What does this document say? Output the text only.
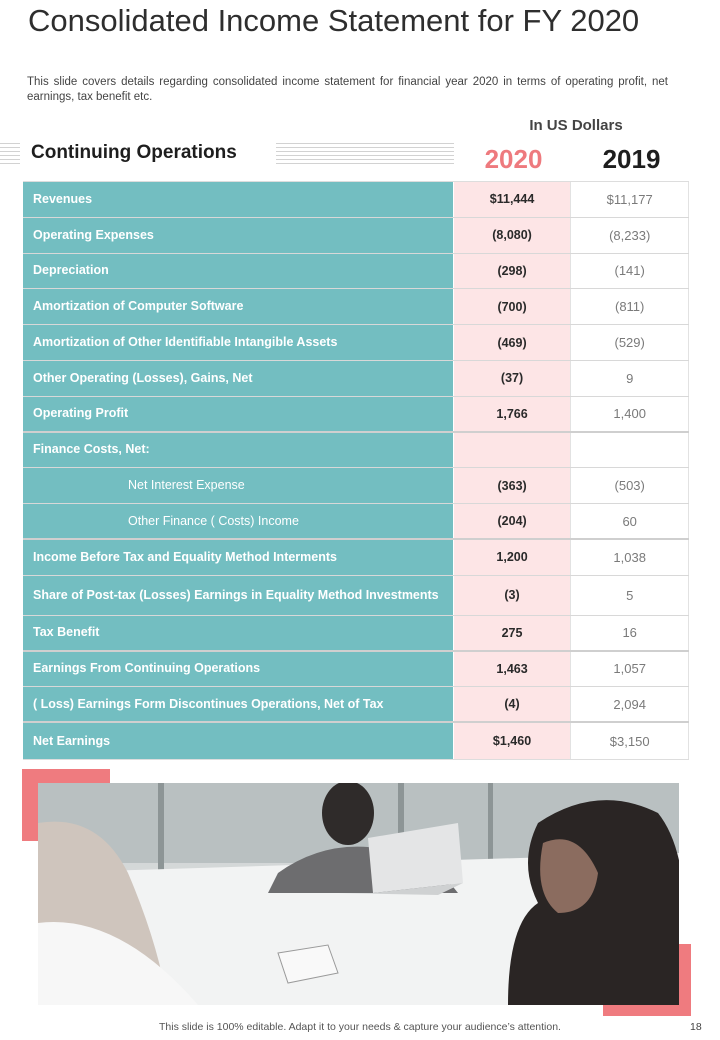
Consolidated Income Statement for FY 2020
This slide covers details regarding consolidated income statement for financial year 2020 in terms of operating profit, net earnings, tax benefit etc.
In US Dollars
Continuing Operations	2020	2019
Revenues	$11,444	$11,177
Operating Expenses	(8,080)	(8,233)
Depreciation	(298)	(141)
Amortization of Computer Software	(700)	(811)
Amortization of Other Identifiable Intangible Assets	(469)	(529)
Other Operating (Losses), Gains, Net	(37)	9
Operating Profit	1,766	1,400
Finance Costs, Net:
Net Interest Expense	(363)	(503)
Other Finance ( Costs) Income	(204)	60
Income Before Tax and Equality Method Interments	1,200	1,038
Share of Post-tax (Losses) Earnings in Equality Method Investments	(3)	5
Tax Benefit	275	16
Earnings From Continuing Operations	1,463	1,057
( Loss) Earnings Form Discontinues Operations, Net of Tax	(4)	2,094
Net Earnings	$1,460	$3,150
This slide is 100% editable. Adapt it to your needs & capture your audience’s attention.	18
